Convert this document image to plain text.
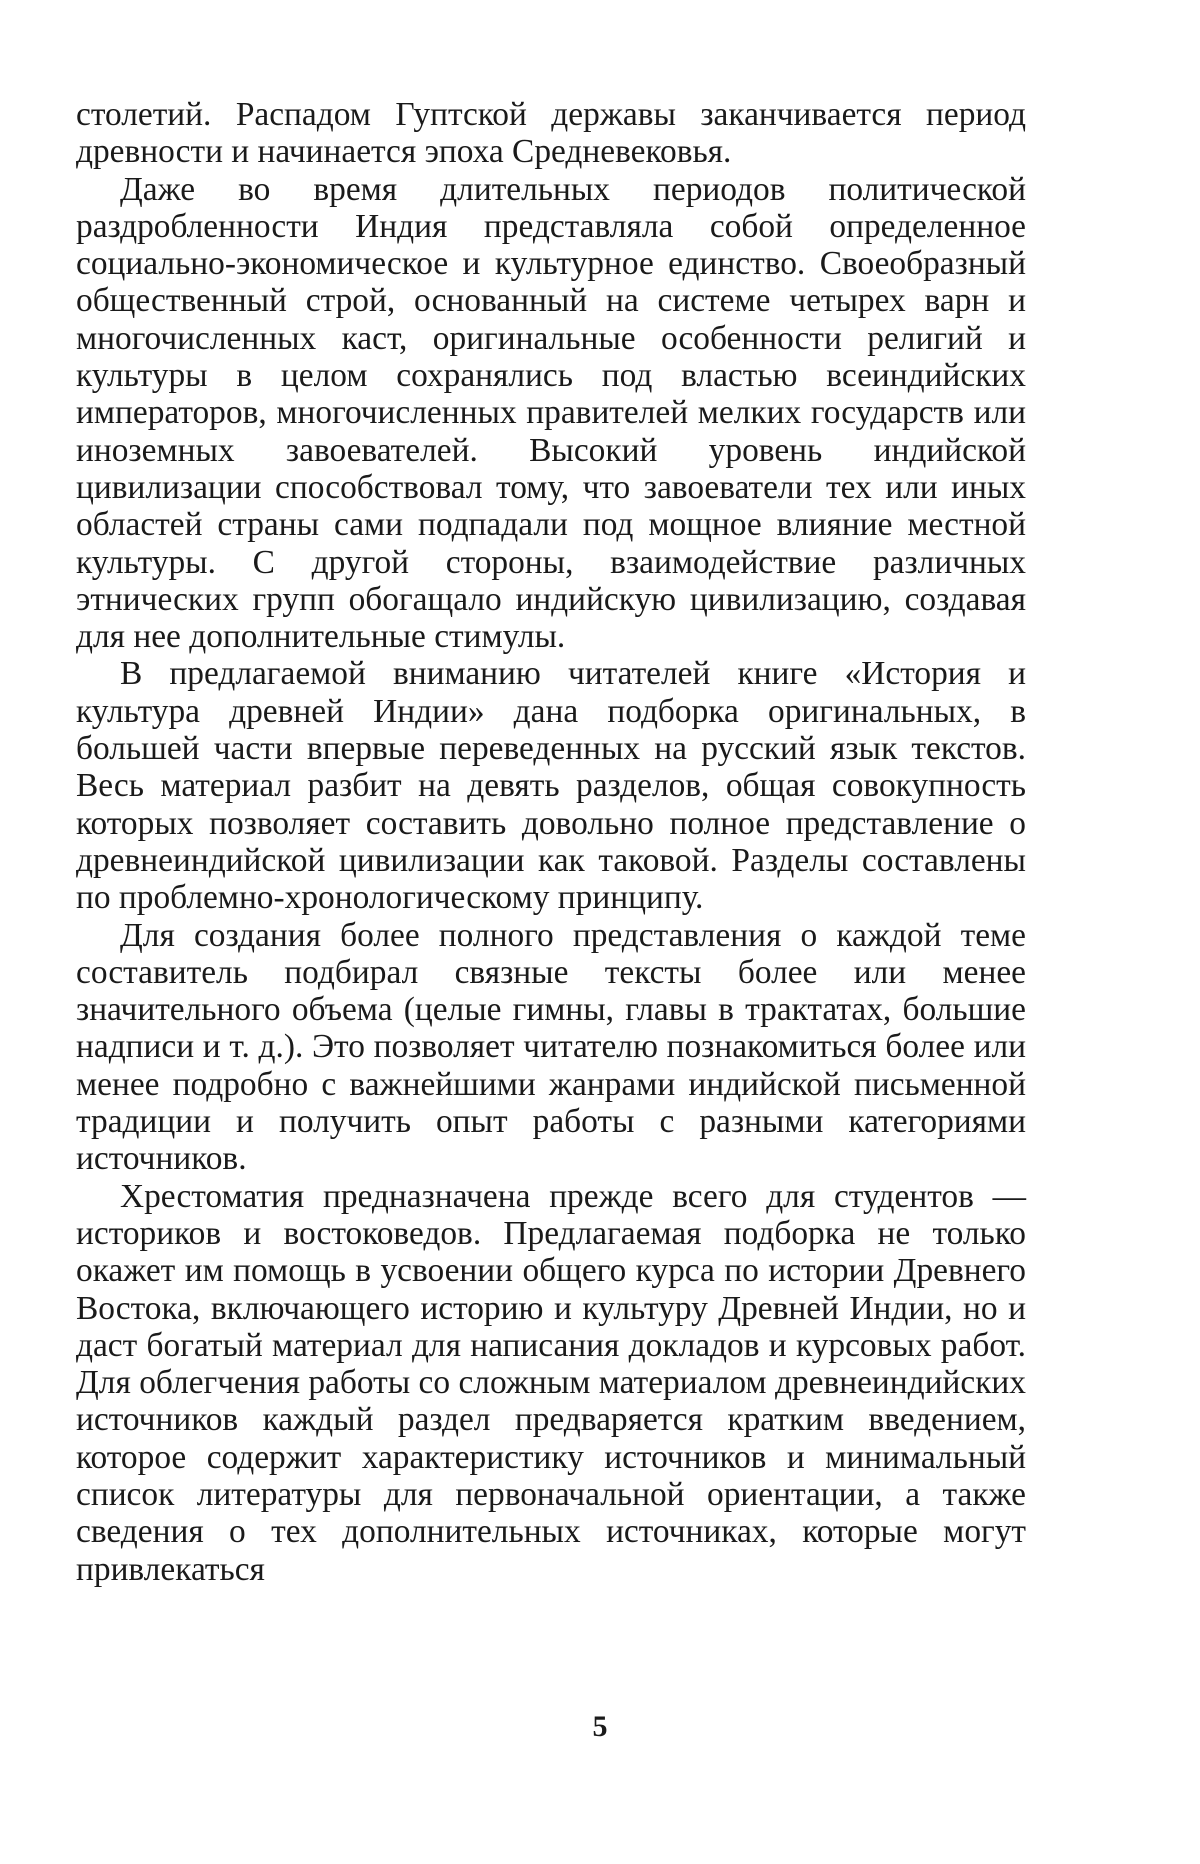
столетий. Распадом Гуптской державы заканчивается период древности и начинается эпоха Средневековья.

Даже во время длительных периодов политической раздробленности Индия представляла собой определенное социально-экономическое и культурное единство. Своеобразный общественный строй, основанный на системе четырех варн и многочисленных каст, оригинальные особенности религий и культуры в целом сохранялись под властью всеиндийских императоров, многочисленных правителей мелких государств или иноземных завоевателей. Высокий уровень индийской цивилизации способствовал тому, что завоеватели тех или иных областей страны сами подпадали под мощное влияние местной культуры. С другой стороны, взаимодействие различных этнических групп обогащало индийскую цивилизацию, создавая для нее дополнительные стимулы.

В предлагаемой вниманию читателей книге «История и культура древней Индии» дана подборка оригинальных, в большей части впервые переведенных на русский язык текстов. Весь материал разбит на девять разделов, общая совокупность которых позволяет составить довольно полное представление о древнеиндийской цивилизации как таковой. Разделы составлены по проблемно-хронологическому принципу.

Для создания более полного представления о каждой теме составитель подбирал связные тексты более или менее значительного объема (целые гимны, главы в трактатах, большие надписи и т. д.). Это позволяет читателю познакомиться более или менее подробно с важнейшими жанрами индийской письменной традиции и получить опыт работы с разными категориями источников.

Хрестоматия предназначена прежде всего для студентов — историков и востоковедов. Предлагаемая подборка не только окажет им помощь в усвоении общего курса по истории Древнего Востока, включающего историю и культуру Древней Индии, но и даст богатый материал для написания докладов и курсовых работ. Для облегчения работы со сложным материалом древнеиндийских источников каждый раздел предваряется кратким введением, которое содержит характеристику источников и минимальный список литературы для первоначальной ориентации, а также сведения о тех дополнительных источниках, которые могут привлекаться

5
